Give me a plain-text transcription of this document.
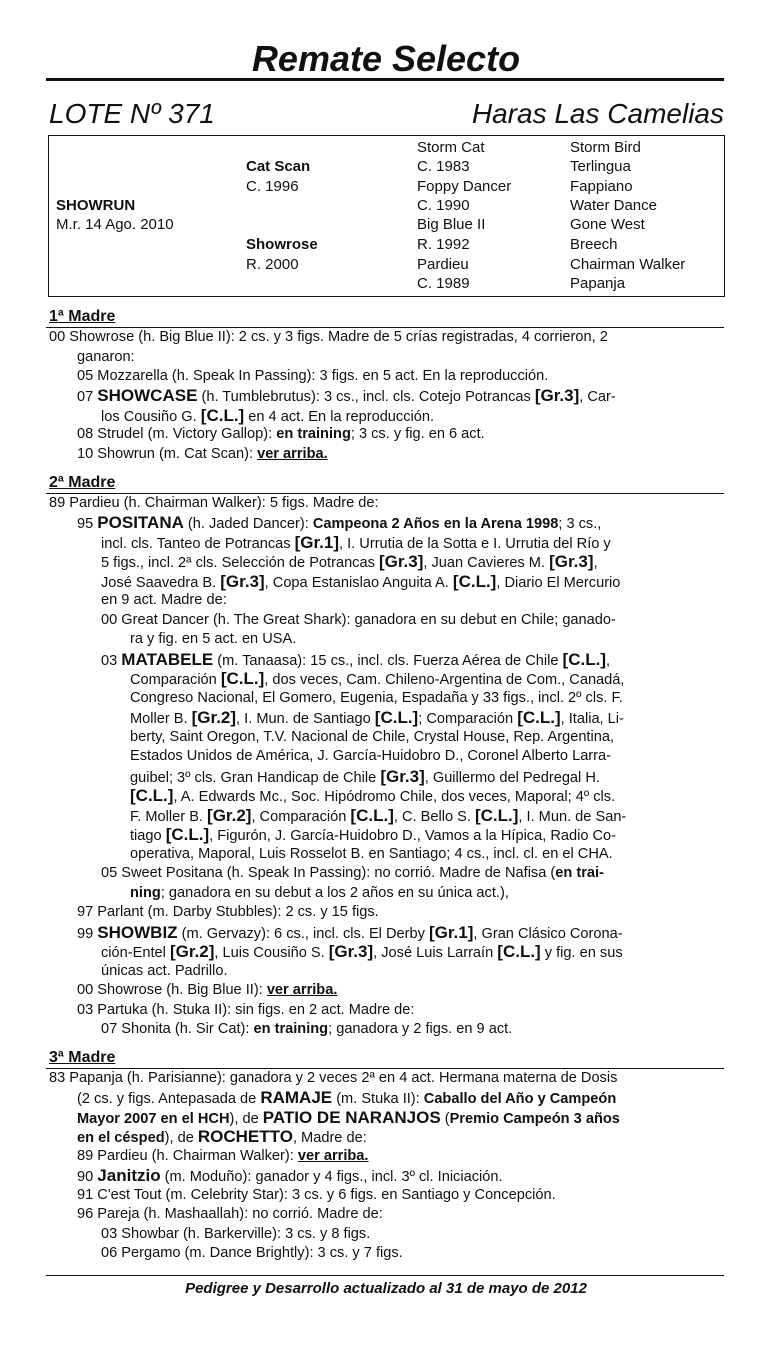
Remate Selecto
LOTE Nº 371	Haras Las Camelias
SHOWRUN
M.r. 14 Ago. 2010
Cat Scan
C. 1996
Showrose
R. 2000
Storm Cat
C. 1983
Foppy Dancer
C. 1990
Big Blue II
R. 1992
Pardieu
C. 1989
Storm Bird
Terlingua
Fappiano
Water Dance
Gone West
Breech
Chairman Walker
Papanja
1ª Madre
00 Showrose (h. Big Blue II): 2 cs. y 3 figs. Madre de 5 crías registradas, 4 corrieron, 2
ganaron:
05 Mozzarella (h. Speak In Passing): 3 figs. en 5 act. En la reproducción.
07 SHOWCASE (h. Tumblebrutus): 3 cs., incl. cls. Cotejo Potrancas [Gr.3], Car-
los Cousiño G. [C.L.] en 4 act. En la reproducción.
08 Strudel (m. Victory Gallop): en training; 3 cs. y fig. en 6 act.
10 Showrun (m. Cat Scan): ver arriba.
2ª Madre
89 Pardieu (h. Chairman Walker): 5 figs. Madre de:
95 POSITANA (h. Jaded Dancer): Campeona 2 Años en la Arena 1998; 3 cs.,
incl. cls. Tanteo de Potrancas [Gr.1], I. Urrutia de la Sotta e I. Urrutia del Río y
5 figs., incl. 2ª cls. Selección de Potrancas [Gr.3], Juan Cavieres M. [Gr.3],
José Saavedra B. [Gr.3], Copa Estanislao Anguita A. [C.L.], Diario El Mercurio
en 9 act. Madre de:
00 Great Dancer (h. The Great Shark): ganadora en su debut en Chile; ganado-
ra y fig. en 5 act. en USA.
03 MATABELE (m. Tanaasa): 15 cs., incl. cls. Fuerza Aérea de Chile [C.L.],
Comparación [C.L.], dos veces, Cam. Chileno-Argentina de Com., Canadá,
Congreso Nacional, El Gomero, Eugenia, Espadaña y 33 figs., incl. 2º cls. F.
Moller B. [Gr.2], I. Mun. de Santiago [C.L.]; Comparación [C.L.], Italia, Li-
berty, Saint Oregon, T.V. Nacional de Chile, Crystal House, Rep. Argentina,
Estados Unidos de América, J. García-Huidobro D., Coronel Alberto Larra-
guibel; 3º cls. Gran Handicap de Chile [Gr.3], Guillermo del Pedregal H.
[C.L.], A. Edwards Mc., Soc. Hipódromo Chile, dos veces, Maporal; 4º cls.
F. Moller B. [Gr.2], Comparación [C.L.], C. Bello S. [C.L.], I. Mun. de San-
tiago [C.L.], Figurón, J. García-Huidobro D., Vamos a la Hípica, Radio Co-
operativa, Maporal, Luis Rosselot B. en Santiago; 4 cs., incl. cl. en el CHA.
05 Sweet Positana (h. Speak In Passing): no corrió. Madre de Nafisa (en trai-
ning; ganadora en su debut a los 2 años en su única act.),
97 Parlant (m. Darby Stubbles): 2 cs. y 15 figs.
99 SHOWBIZ (m. Gervazy): 6 cs., incl. cls. El Derby [Gr.1], Gran Clásico Corona-
ción-Entel [Gr.2], Luis Cousiño S. [Gr.3], José Luis Larraín [C.L.] y fig. en sus
únicas act. Padrillo.
00 Showrose (h. Big Blue II): ver arriba.
03 Partuka (h. Stuka II): sin figs. en 2 act. Madre de:
07 Shonita (h. Sir Cat): en training; ganadora y 2 figs. en 9 act.
3ª Madre
83 Papanja (h. Parisianne): ganadora y 2 veces 2ª en 4 act. Hermana materna de Dosis
(2 cs. y figs. Antepasada de RAMAJE (m. Stuka II): Caballo del Año y Campeón
Mayor 2007 en el HCH), de PATIO DE NARANJOS (Premio Campeón 3 años
en el césped), de ROCHETTO, Madre de:
89 Pardieu (h. Chairman Walker): ver arriba.
90 Janitzio (m. Moduño): ganador y 4 figs., incl. 3º cl. Iniciación.
91 C'est Tout (m. Celebrity Star): 3 cs. y 6 figs. en Santiago y Concepción.
96 Pareja (h. Mashaallah): no corrió. Madre de:
03 Showbar (h. Barkerville): 3 cs. y 8 figs.
06 Pergamo (m. Dance Brightly): 3 cs. y 7 figs.
Pedigree y Desarrollo actualizado al 31 de mayo de 2012
